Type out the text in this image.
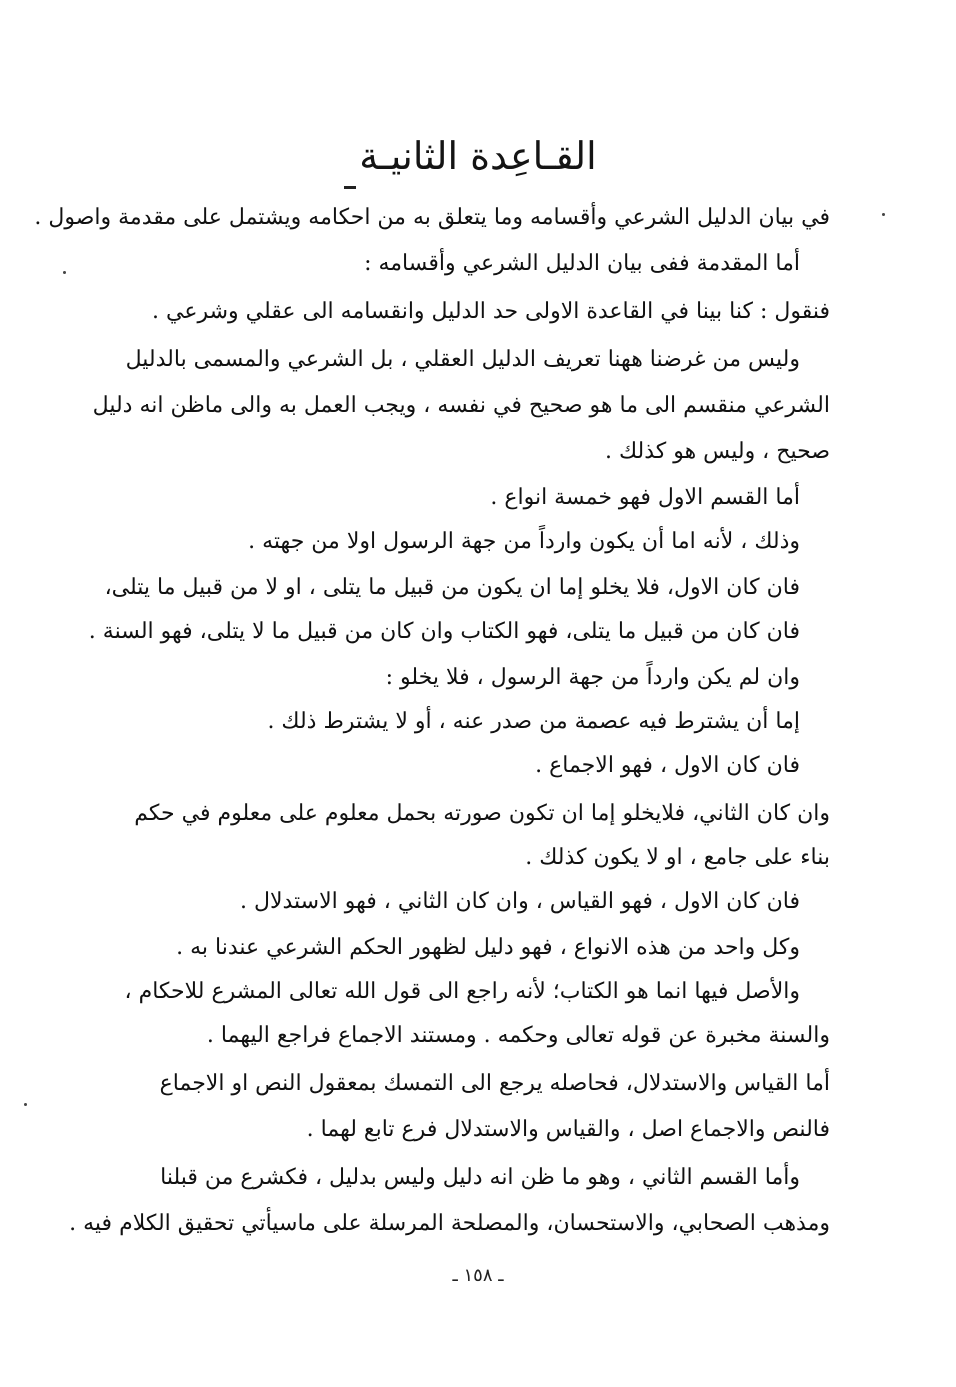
القـاعِدة الثانيـة
في بيان الدليل الشرعي وأقسامه وما يتعلق به من احكامه ويشتمل على مقدمة واصول .
أما المقدمة ففى بيان الدليل الشرعي وأقسامه :
فنقول : كنا بينا في القاعدة الاولى حد الدليل وانقسامه الى عقلي وشرعي .
وليس من غرضنا ههنا تعريف الدليل العقلي ، بل الشرعي والمسمى بالدليل
الشرعي منقسم الى ما هو صحيح في نفسه ، ويجب العمل به والى ماظن انه دليل
صحيح ، وليس هو كذلك .
أما القسم الاول فهو خمسة انواع .
وذلك ، لأنه اما أن يكون وارداً من جهة الرسول اولا من جهته .
فان كان الاول، فلا يخلو إما ان يكون من قبيل ما يتلى ، او لا من قبيل ما يتلى،
فان كان من قبيل ما يتلى، فهو الكتاب وان كان من قبيل ما لا يتلى، فهو السنة .
وان لم يكن وارداً من جهة الرسول ، فلا يخلو :
إما أن يشترط فيه عصمة من صدر عنه ، أو لا يشترط ذلك .
فان كان الاول ، فهو الاجماع .
وان كان الثاني، فلايخلو إما ان تكون صورته بحمل معلوم على معلوم في حكم
بناء على جامع ، او لا يكون كذلك .
فان كان الاول ، فهو القياس ، وان كان الثاني ، فهو الاستدلال .
وكل واحد من هذه الانواع ، فهو دليل لظهور الحكم الشرعي عندنا به .
والأصل فيها انما هو الكتاب؛ لأنه راجع الى قول الله تعالى المشرع للاحكام ،
والسنة مخبرة عن قوله تعالى وحكمه . ومستند الاجماع فراجع اليهما .
أما القياس والاستدلال، فحاصله يرجع الى التمسك بمعقول النص او الاجماع
فالنص والاجماع اصل ، والقياس والاستدلال فرع تابع لهما .
وأما القسم الثاني ، وهو ما ظن انه دليل وليس بدليل ، فكشرع من قبلنا
ومذهب الصحابي، والاستحسان، والمصلحة المرسلة على ماسيأتي تحقيق الكلام فيه .
ـ ١٥٨ ـ
